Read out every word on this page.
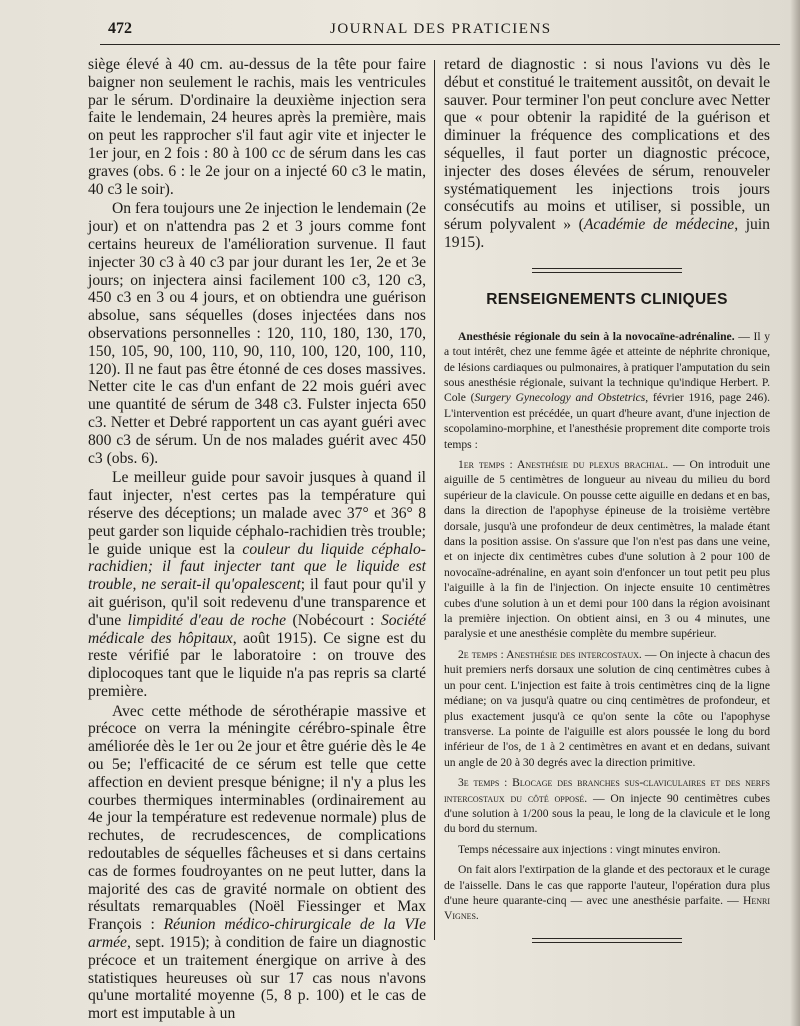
472	JOURNAL DES PRATICIENS

siège élevé à 40 cm. au-dessus de la tête pour faire baigner non seulement le rachis, mais les ventricules par le sérum. D'ordinaire la deuxième injection sera faite le lendemain, 24 heures après la première, mais on peut les rapprocher s'il faut agir vite et injecter le 1er jour, en 2 fois : 80 à 100 cc de sérum dans les cas graves (obs. 6 : le 2e jour on a injecté 60 c3 le matin, 40 c3 le soir).

On fera toujours une 2e injection le lendemain (2e jour) et on n'attendra pas 2 et 3 jours comme font certains heureux de l'amélioration survenue. Il faut injecter 30 c3 à 40 c3 par jour durant les 1er, 2e et 3e jours; on injectera ainsi facilement 100 c3, 120 c3, 450 c3 en 3 ou 4 jours, et on obtiendra une guérison absolue, sans séquelles (doses injectées dans nos observations personnelles : 120, 110, 180, 130, 170, 150, 105, 90, 100, 110, 90, 110, 100, 120, 100, 110, 120). Il ne faut pas être étonné de ces doses massives. Netter cite le cas d'un enfant de 22 mois guéri avec une quantité de sérum de 348 c3. Fulster injecta 650 c3. Netter et Debré rapportent un cas ayant guéri avec 800 c3 de sérum. Un de nos malades guérit avec 450 c3 (obs. 6).

Le meilleur guide pour savoir jusques à quand il faut injecter, n'est certes pas la température qui réserve des déceptions; un malade avec 37° et 36° 8 peut garder son liquide céphalo-rachidien très trouble; le guide unique est la couleur du liquide céphalo-rachidien; il faut injecter tant que le liquide est trouble, ne serait-il qu'opalescent; il faut pour qu'il y ait guérison, qu'il soit redevenu d'une transparence et d'une limpidité d'eau de roche (Nobécourt : Société médicale des hôpitaux, août 1915). Ce signe est du reste vérifié par le laboratoire : on trouve des diplocoques tant que le liquide n'a pas repris sa clarté première.

Avec cette méthode de sérothérapie massive et précoce on verra la méningite cérébro-spinale être améliorée dès le 1er ou 2e jour et être guérie dès le 4e ou 5e; l'efficacité de ce sérum est telle que cette affection en devient presque bénigne; il n'y a plus les courbes thermiques interminables (ordinairement au 4e jour la température est redevenue normale) plus de rechutes, de recrudescences, de complications redoutables de séquelles fâcheuses et si dans certains cas de formes foudroyantes on ne peut lutter, dans la majorité des cas de gravité normale on obtient des résultats remarquables (Noël Fiessinger et Max François : Réunion médico-chirurgicale de la VIe armée, sept. 1915); à condition de faire un diagnostic précoce et un traitement énergique on arrive à des statistiques heureuses où sur 17 cas nous n'avons qu'une mortalité moyenne (5, 8 p. 100) et le cas de mort est imputable à un

retard de diagnostic : si nous l'avions vu dès le début et constitué le traitement aussitôt, on devait le sauver. Pour terminer l'on peut conclure avec Netter que « pour obtenir la rapidité de la guérison et diminuer la fréquence des complications et des séquelles, il faut porter un diagnostic précoce, injecter des doses élevées de sérum, renouveler systématiquement les injections trois jours consécutifs au moins et utiliser, si possible, un sérum polyvalent » (Académie de médecine, juin 1915).

RENSEIGNEMENTS CLINIQUES

Anesthésie régionale du sein à la novocaïne-adrénaline. — Il y a tout intérêt, chez une femme âgée et atteinte de néphrite chronique, de lésions cardiaques ou pulmonaires, à pratiquer l'amputation du sein sous anesthésie régionale, suivant la technique qu'indique Herbert. P. Cole (Surgery Gynecology and Obstetrics, février 1916, page 246). L'intervention est précédée, un quart d'heure avant, d'une injection de scopolamino-morphine, et l'anesthésie proprement dite comporte trois temps :

1er temps : Anesthésie du plexus brachial. — On introduit une aiguille de 5 centimètres de longueur au niveau du milieu du bord supérieur de la clavicule. On pousse cette aiguille en dedans et en bas, dans la direction de l'apophyse épineuse de la troisième vertèbre dorsale, jusqu'à une profondeur de deux centimètres, la malade étant dans la position assise. On s'assure que l'on n'est pas dans une veine, et on injecte dix centimètres cubes d'une solution à 2 pour 100 de novocaïne-adrénaline, en ayant soin d'enfoncer un tout petit peu plus l'aiguille à la fin de l'injection. On injecte ensuite 10 centimètres cubes d'une solution à un et demi pour 100 dans la région avoisinant la première injection. On obtient ainsi, en 3 ou 4 minutes, une paralysie et une anesthésie complète du membre supérieur.

2e temps : Anesthésie des intercostaux. — On injecte à chacun des huit premiers nerfs dorsaux une solution de cinq centimètres cubes à un pour cent. L'injection est faite à trois centimètres cinq de la ligne médiane; on va jusqu'à quatre ou cinq centimètres de profondeur, et plus exactement jusqu'à ce qu'on sente la côte ou l'apophyse transverse. La pointe de l'aiguille est alors poussée le long du bord inférieur de l'os, de 1 à 2 centimètres en avant et en dedans, suivant un angle de 20 à 30 degrés avec la direction primitive.

3e temps : Blocage des branches sus-claviculaires et des nerfs intercostaux du côté opposé. — On injecte 90 centimètres cubes d'une solution à 1/200 sous la peau, le long de la clavicule et le long du bord du sternum.

Temps nécessaire aux injections : vingt minutes environ.

On fait alors l'extirpation de la glande et des pectoraux et le curage de l'aisselle. Dans le cas que rapporte l'auteur, l'opération dura plus d'une heure quarante-cinq — avec une anesthésie parfaite. — Henri Vignes.
